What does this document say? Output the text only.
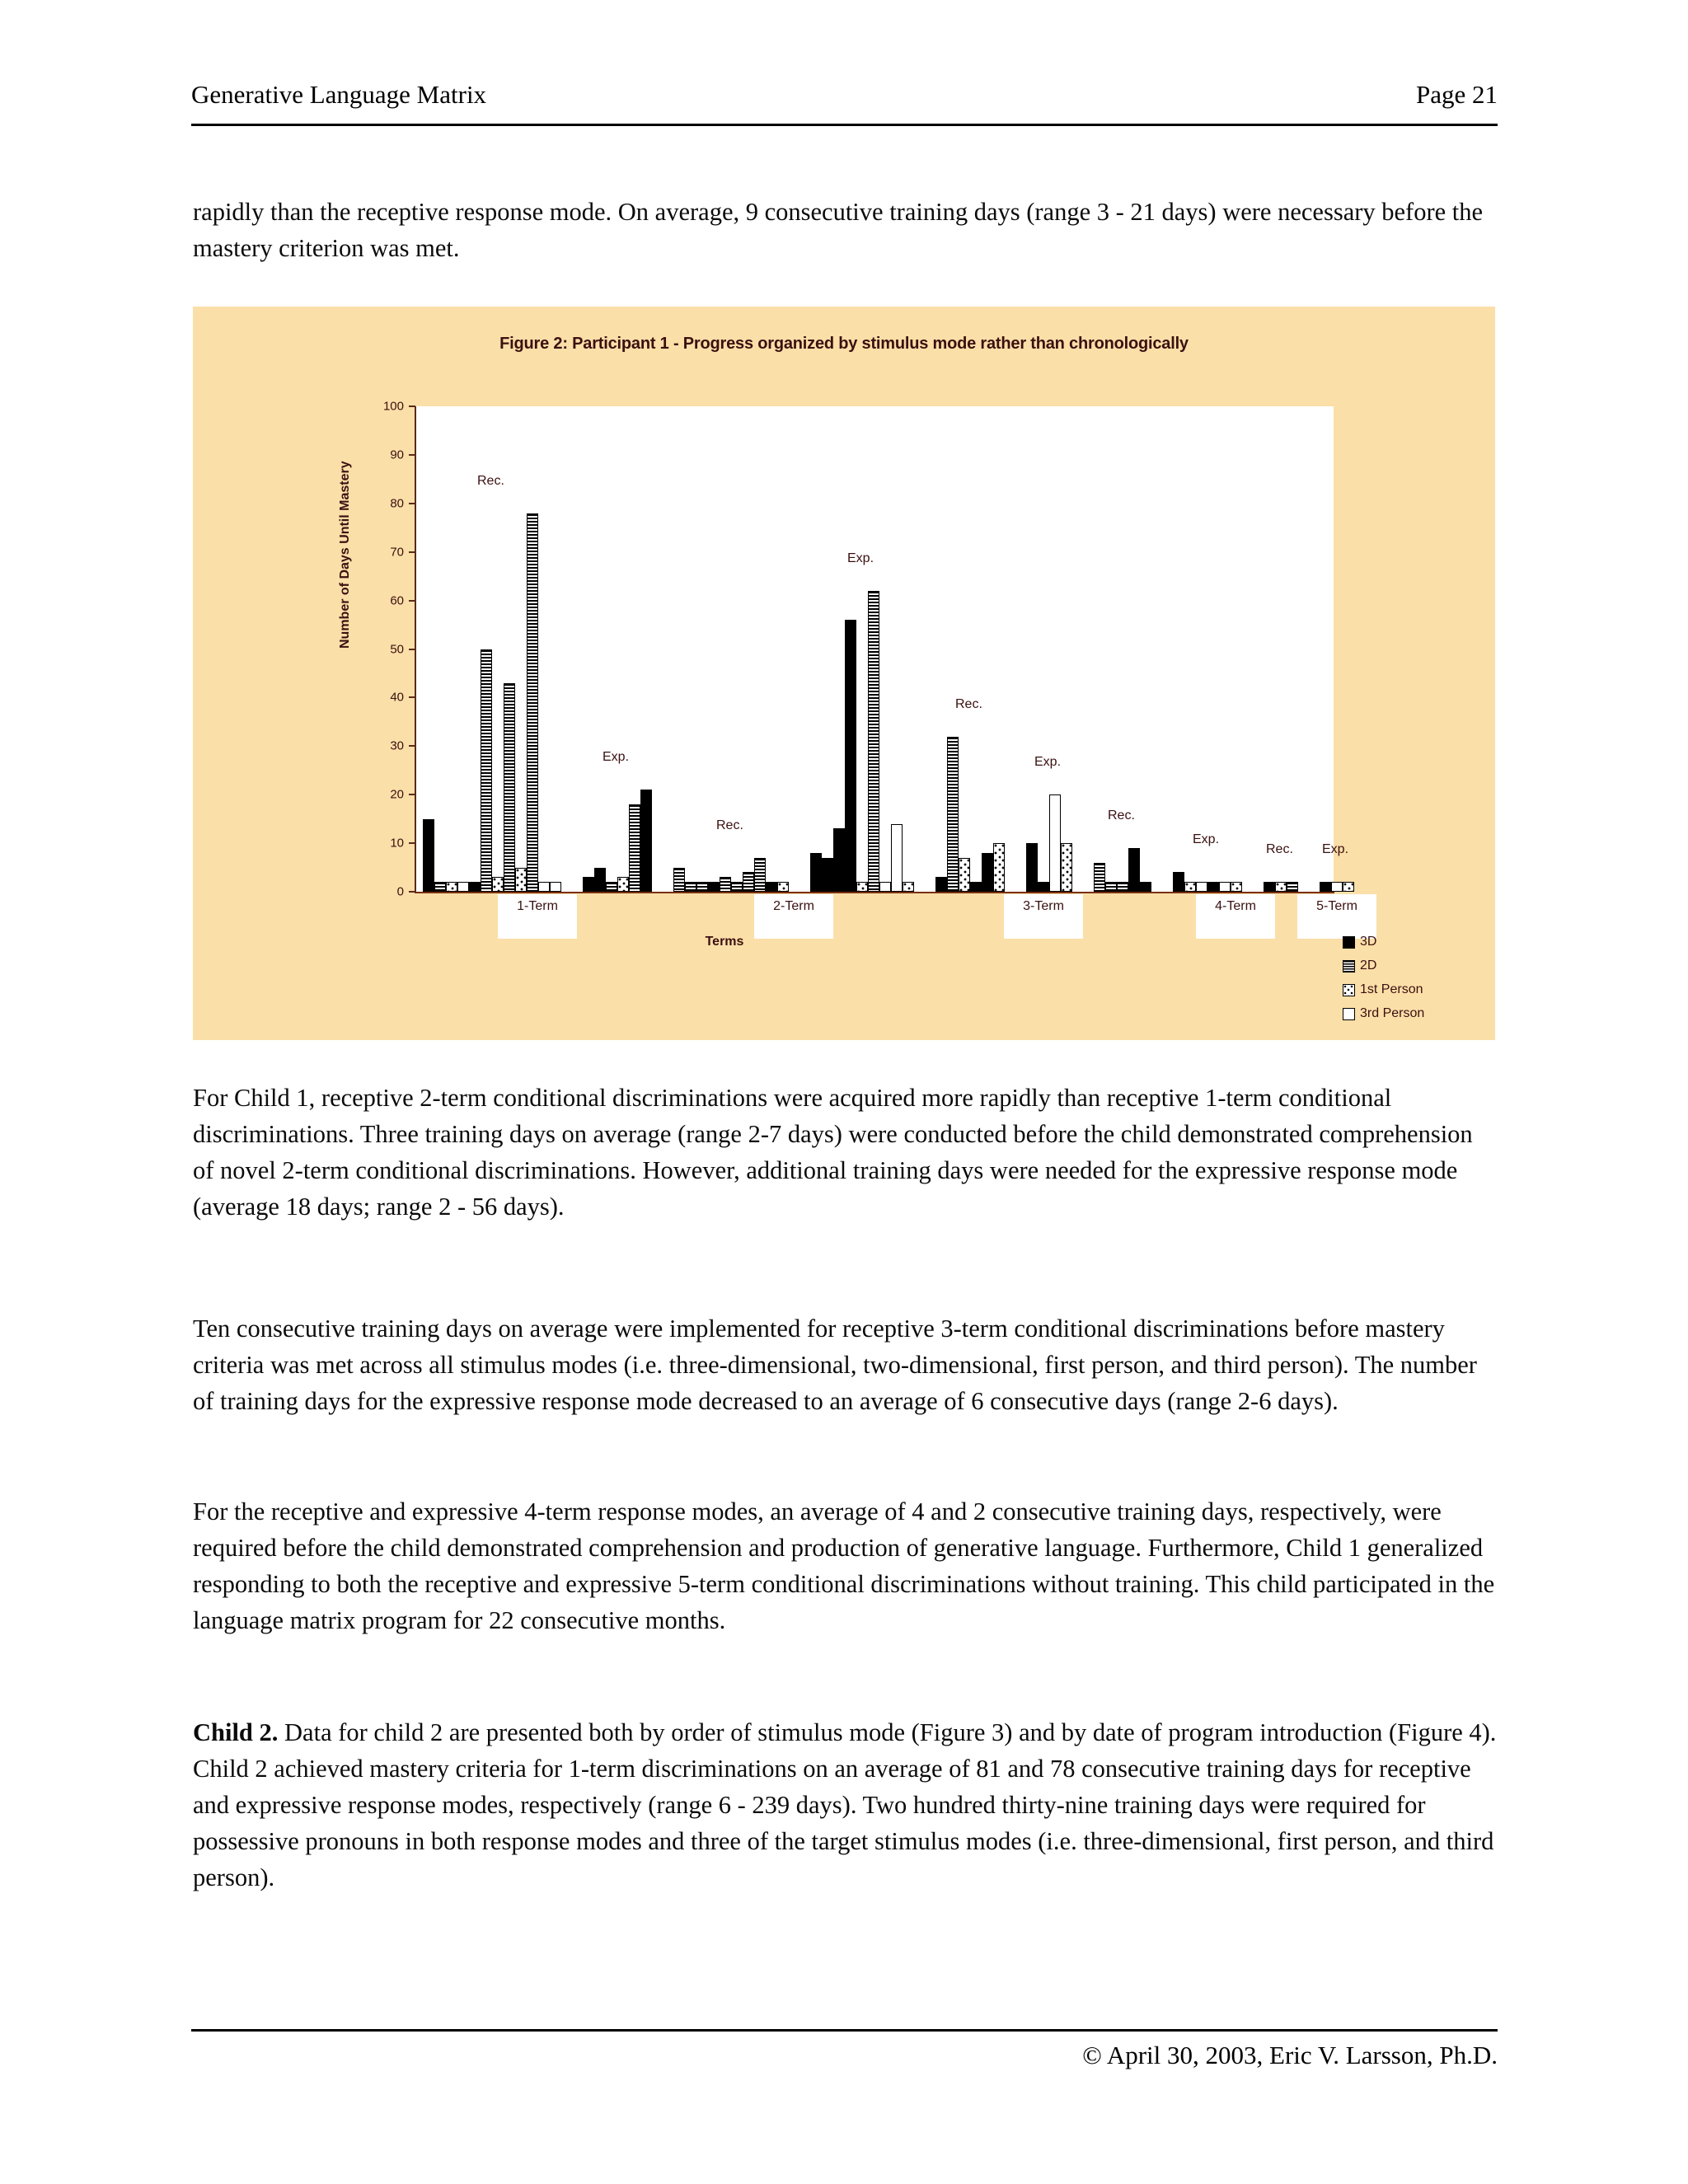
Generative Language Matrix	Page 21
rapidly than the receptive response mode. On average, 9 consecutive training days (range 3 - 21 days) were necessary before the mastery criterion was met.
Figure 2: Participant 1 - Progress organized by stimulus mode rather than chronologically
Number of Days Until Mastery
0
10
20
30
40
50
60
70
80
90
100
Rec.
Exp.
Rec.
Exp.
Rec.
Exp.
Rec.
Exp.
Rec. Exp.
1-Term	2-Term	3-Term	4-Term	5-Term
Terms	3D
2D
1st Person
3rd Person
For Child 1, receptive 2-term conditional discriminations were acquired more rapidly than receptive 1-term conditional discriminations. Three training days on average (range 2-7 days) were conducted before the child demonstrated comprehension of novel 2-term conditional discriminations. However, additional training days were needed for the expressive response mode (average 18 days; range 2 - 56 days).
Ten consecutive training days on average were implemented for receptive 3-term conditional discriminations before mastery criteria was met across all stimulus modes (i.e. three-dimensional, two-dimensional, first person, and third person). The number of training days for the expressive response mode decreased to an average of 6 consecutive days (range 2-6 days).
For the receptive and expressive 4-term response modes, an average of 4 and 2 consecutive training days, respectively, were required before the child demonstrated comprehension and production of generative language. Furthermore, Child 1 generalized responding to both the receptive and expressive 5-term conditional discriminations without training. This child participated in the language matrix program for 22 consecutive months.
Child 2. Data for child 2 are presented both by order of stimulus mode (Figure 3) and by date of program introduction (Figure 4). Child 2 achieved mastery criteria for 1-term discriminations on an average of 81 and 78 consecutive training days for receptive and expressive response modes, respectively (range 6 - 239 days). Two hundred thirty-nine training days were required for possessive pronouns in both response modes and three of the target stimulus modes (i.e. three-dimensional, first person, and third person).
© April 30, 2003, Eric V. Larsson, Ph.D.
